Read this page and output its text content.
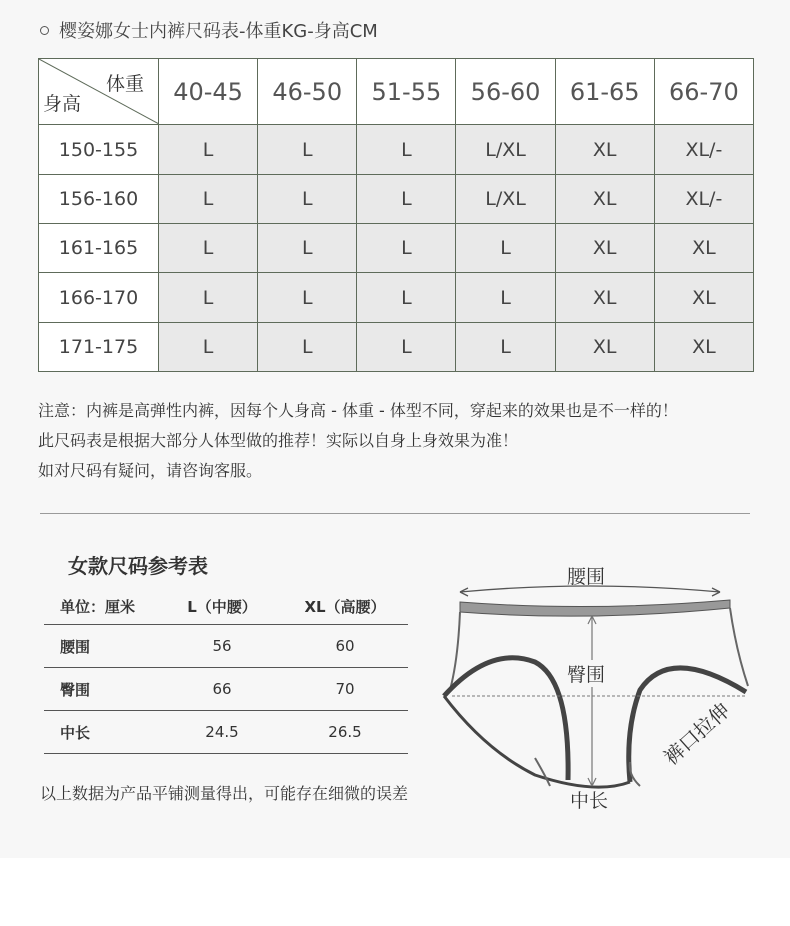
樱姿娜女士内裤尺码表-体重KG-身高CM
体重
身高	40-45	46-50	51-55	56-60	61-65	66-70
150-155	L	L	L	L/XL	XL	XL/-
156-160	L	L	L	L/XL	XL	XL/-
161-165	L	L	L	L	XL	XL
166-170	L	L	L	L	XL	XL
171-175	L	L	L	L	XL	XL
注意：内裤是高弹性内裤，因每个人身高 - 体重 - 体型不同，穿起来的效果也是不一样的！
此尺码表是根据大部分人体型做的推荐！实际以自身上身效果为准！
如对尺码有疑问，请咨询客服。
女款尺码参考表
单位：厘米	L（中腰）	XL（高腰）
腰围	56	60
臀围	66	70
中长	24.5	26.5
以上数据为产品平铺测量得出，可能存在细微的误差
腰围
臀围
中长
裤口拉伸
